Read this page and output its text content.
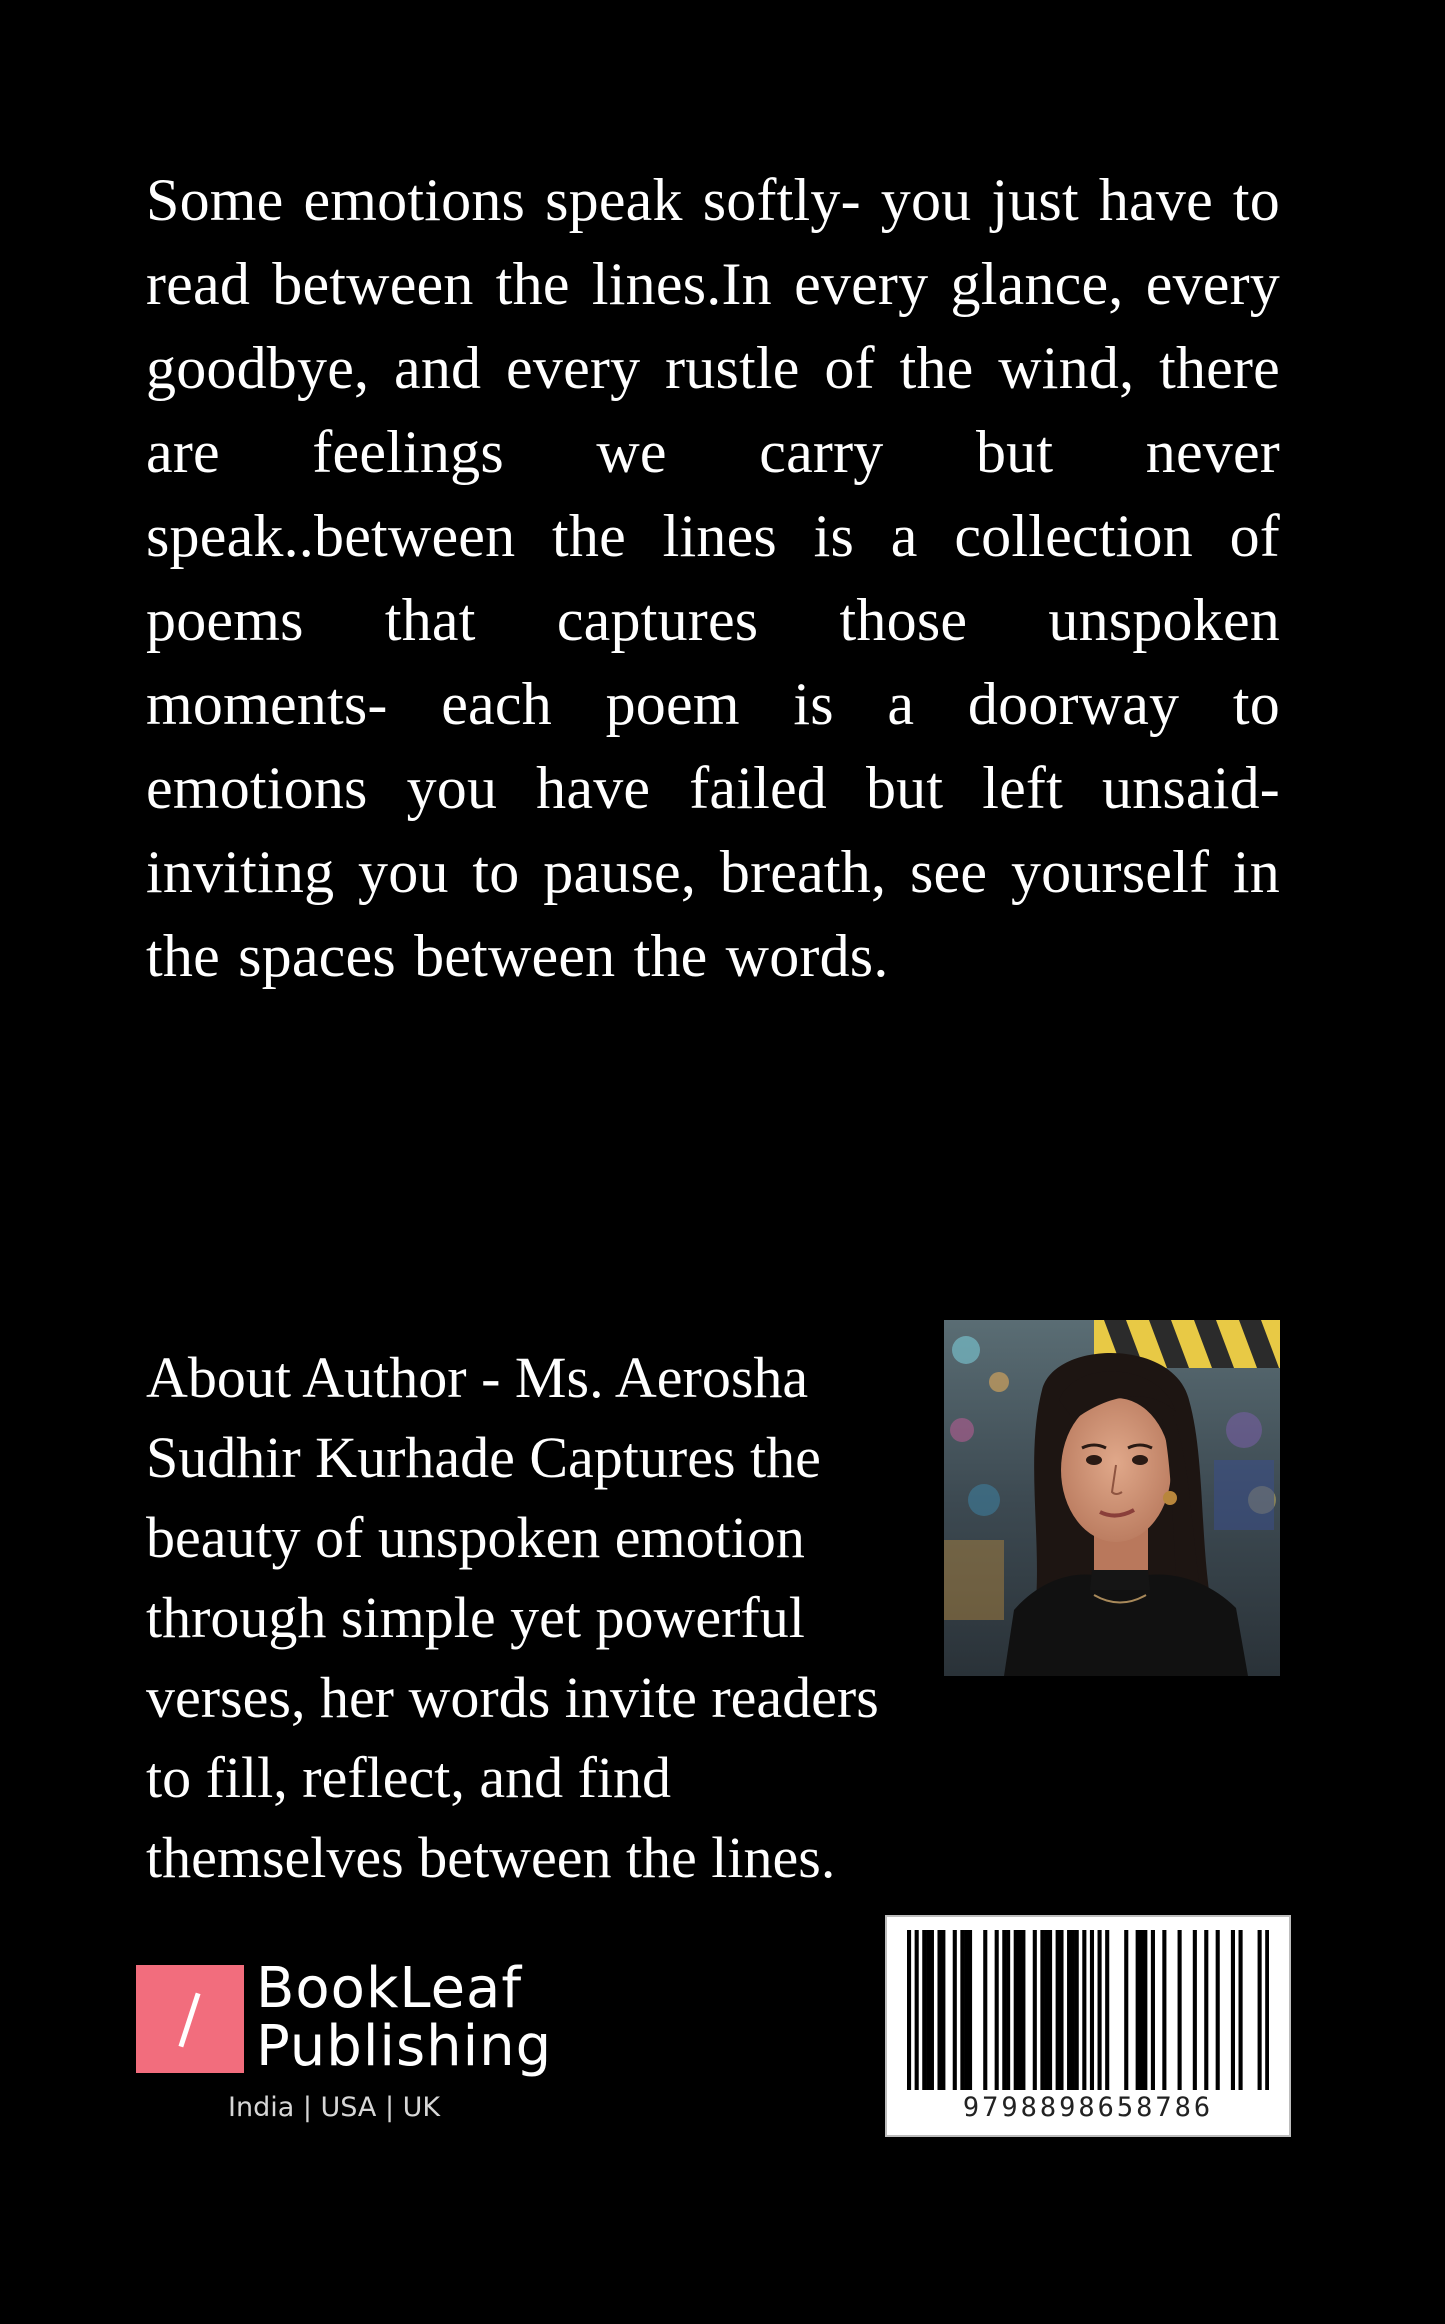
Some emotions speak softly- you just have to read between the lines.In every glance, every goodbye, and every rustle of the wind, there are feelings we carry but never speak..between the lines is a collection of poems that captures those unspoken moments- each poem is a doorway to emotions you have failed but left unsaid- inviting you to pause, breath, see yourself in the spaces between the words.
About Author - Ms. Aerosha Sudhir Kurhade Captures the beauty of unspoken emotion through simple yet powerful verses, her words invite readers to fill, reflect, and find themselves between the lines.
BookLeaf
Publishing
India | USA | UK	9798898658786
